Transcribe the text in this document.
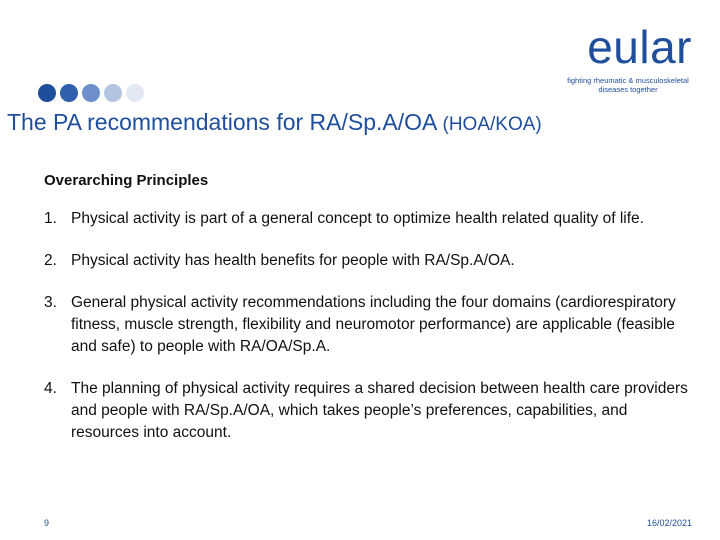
eular
fighting rheumatic & musculoskeletal diseases together
The PA recommendations for RA/Sp.A/OA (HOA/KOA)
Overarching Principles
1. Physical activity is part of a general concept to optimize health related quality of life.
2. Physical activity has health benefits for people with RA/Sp.A/OA.
3. General physical activity recommendations including the four domains (cardiorespiratory fitness, muscle strength, flexibility and neuromotor performance) are applicable (feasible and safe) to people with RA/OA/Sp.A.
4. The planning of physical activity requires a shared decision between health care providers and people with RA/Sp.A/OA, which takes people’s preferences, capabilities, and resources into account.
9	16/02/2021
